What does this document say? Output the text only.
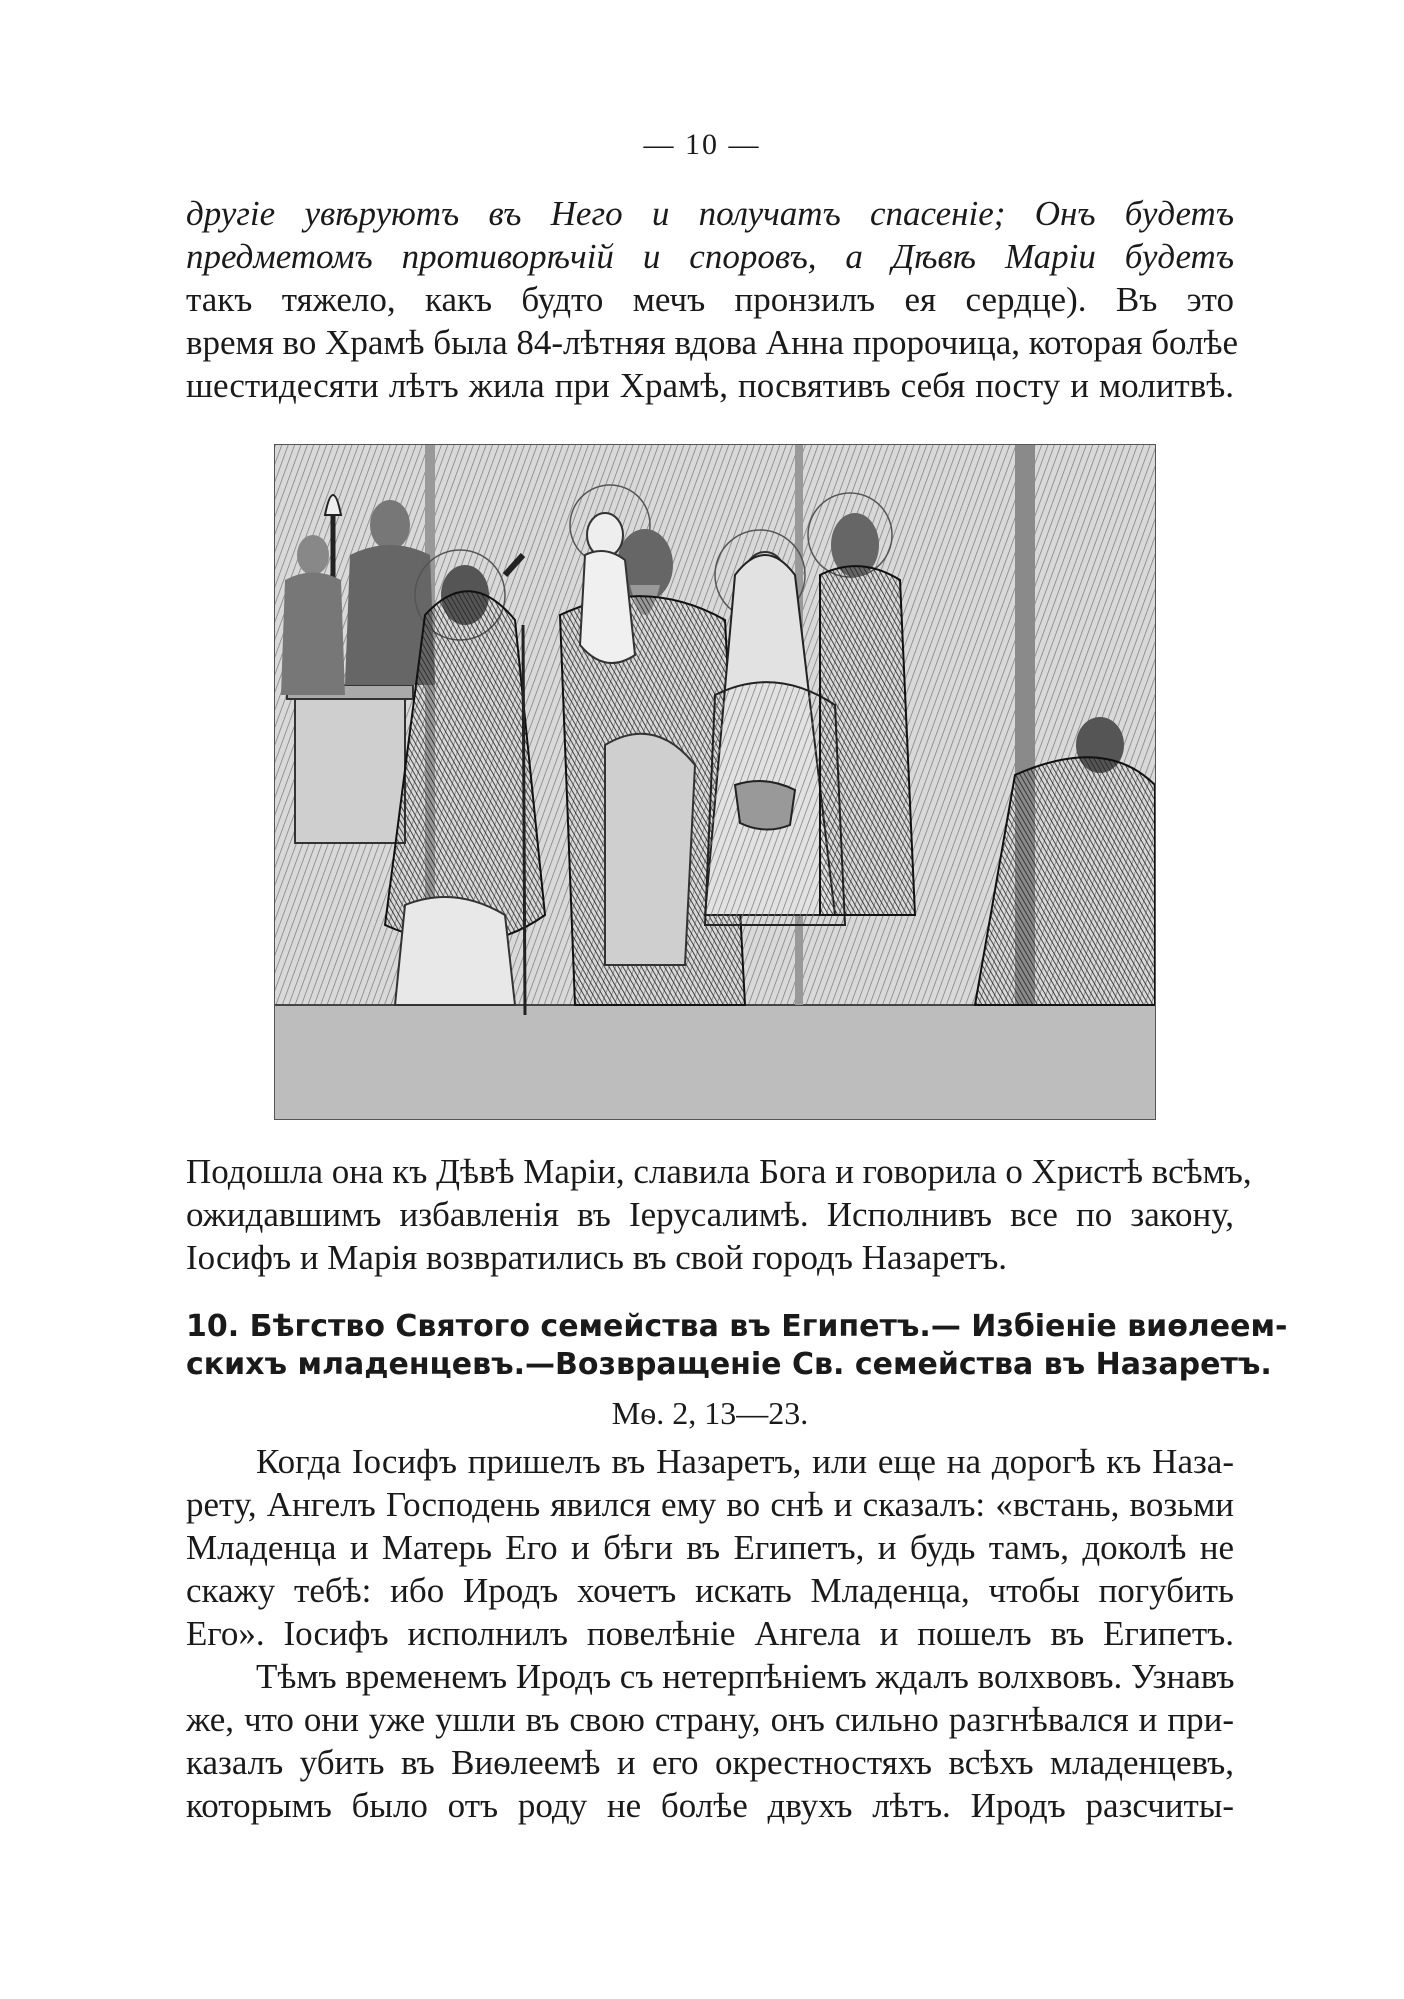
— 10 —
другіе увѣруютъ въ Него и получатъ спасеніе; Онъ будетъ
предметомъ противорѣчій и споровъ, а Дѣвѣ Маріи будетъ
такъ тяжело, какъ будто мечъ пронзилъ ея сердце). Въ это
время во Храмѣ была 84-лѣтняя вдова Анна пророчица, которая болѣе
шестидесяти лѣтъ жила при Храмѣ, посвятивъ себя посту и молитвѣ.
Подошла она къ Дѣвѣ Маріи, славила Бога и говорила о Христѣ всѣмъ,
ожидавшимъ избавленія въ Іерусалимѣ. Исполнивъ все по закону,
Іосифъ и Марія возвратились въ свой городъ Назаретъ.
10. Бѣгство Святого семейства въ Египетъ.— Избіеніе виѳлеем-
скихъ младенцевъ.—Возвращеніе Св. семейства въ Назаретъ.
Мѳ. 2, 13—23.
Когда Іосифъ пришелъ въ Назаретъ, или еще на дорогѣ къ Наза-
рету, Ангелъ Господень явился ему во снѣ и сказалъ: «встань, возьми
Младенца и Матерь Его и бѣги въ Египетъ, и будь тамъ, доколѣ не
скажу тебѣ: ибо Иродъ хочетъ искать Младенца, чтобы погубить
Его». Іосифъ исполнилъ повелѣніе Ангела и пошелъ въ Египетъ.
Тѣмъ временемъ Иродъ съ нетерпѣніемъ ждалъ волхвовъ. Узнавъ
же, что они уже ушли въ свою страну, онъ сильно разгнѣвался и при-
казалъ убить въ Виѳлеемѣ и его окрестностяхъ всѣхъ младенцевъ,
которымъ было отъ роду не болѣе двухъ лѣтъ. Иродъ разсчиты-
